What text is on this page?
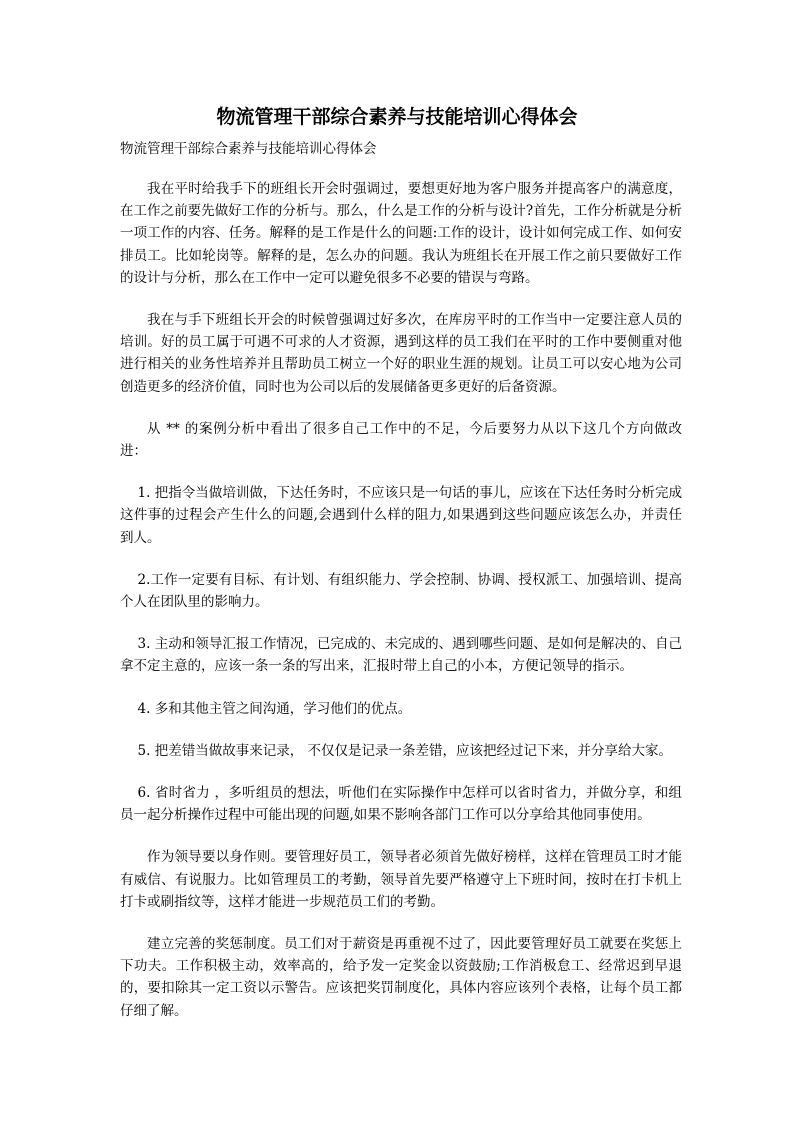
物流管理干部综合素养与技能培训心得体会

物流管理干部综合素养与技能培训心得体会

我在平时给我手下的班组长开会时强调过，要想更好地为客户服务并提高客户的满意度，在工作之前要先做好工作的分析与。那么，什么是工作的分析与设计?首先，工作分析就是分析一项工作的内容、任务。解释的是工作是什么的问题:工作的设计，设计如何完成工作、如何安排员工。比如轮岗等。解释的是，怎么办的问题。我认为班组长在开展工作之前只要做好工作的设计与分析，那么在工作中一定可以避免很多不必要的错误与弯路。

我在与手下班组长开会的时候曾强调过好多次，在库房平时的工作当中一定要注意人员的培训。好的员工属于可遇不可求的人才资源，遇到这样的员工我们在平时的工作中要侧重对他进行相关的业务性培养并且帮助员工树立一个好的职业生涯的规划。让员工可以安心地为公司创造更多的经济价值，同时也为公司以后的发展储备更多更好的后备资源。

从 ** 的案例分析中看出了很多自己工作中的不足，今后要努力从以下这几个方向做改进：

1. 把指令当做培训做，下达任务时，不应该只是一句话的事儿，应该在下达任务时分析完成这件事的过程会产生什么的问题,会遇到什么样的阻力,如果遇到这些问题应该怎么办，并责任到人。

2.工作一定要有目标、有计划、有组织能力、学会控制、协调、授权派工、加强培训、提高个人在团队里的影响力。

3. 主动和领导汇报工作情况，已完成的、未完成的、遇到哪些问题、是如何是解决的、自己拿不定主意的，应该一条一条的写出来，汇报时带上自己的小本，方便记领导的指示。

4. 多和其他主管之间沟通，学习他们的优点。

5. 把差错当做故事来记录， 不仅仅是记录一条差错，应该把经过记下来，并分享给大家。

6. 省时省力 ，多听组员的想法，听他们在实际操作中怎样可以省时省力，并做分享，和组员一起分析操作过程中可能出现的问题,如果不影响各部门工作可以分享给其他同事使用。

作为领导要以身作则。要管理好员工，领导者必须首先做好榜样，这样在管理员工时才能有威信、有说服力。比如管理员工的考勤，领导首先要严格遵守上下班时间，按时在打卡机上打卡或刷指纹等，这样才能进一步规范员工们的考勤。

建立完善的奖惩制度。员工们对于薪资是再重视不过了，因此要管理好员工就要在奖惩上下功夫。工作积极主动，效率高的，给予发一定奖金以资鼓励;工作消极怠工、经常迟到早退的，要扣除其一定工资以示警告。应该把奖罚制度化，具体内容应该列个表格，让每个员工都仔细了解。
